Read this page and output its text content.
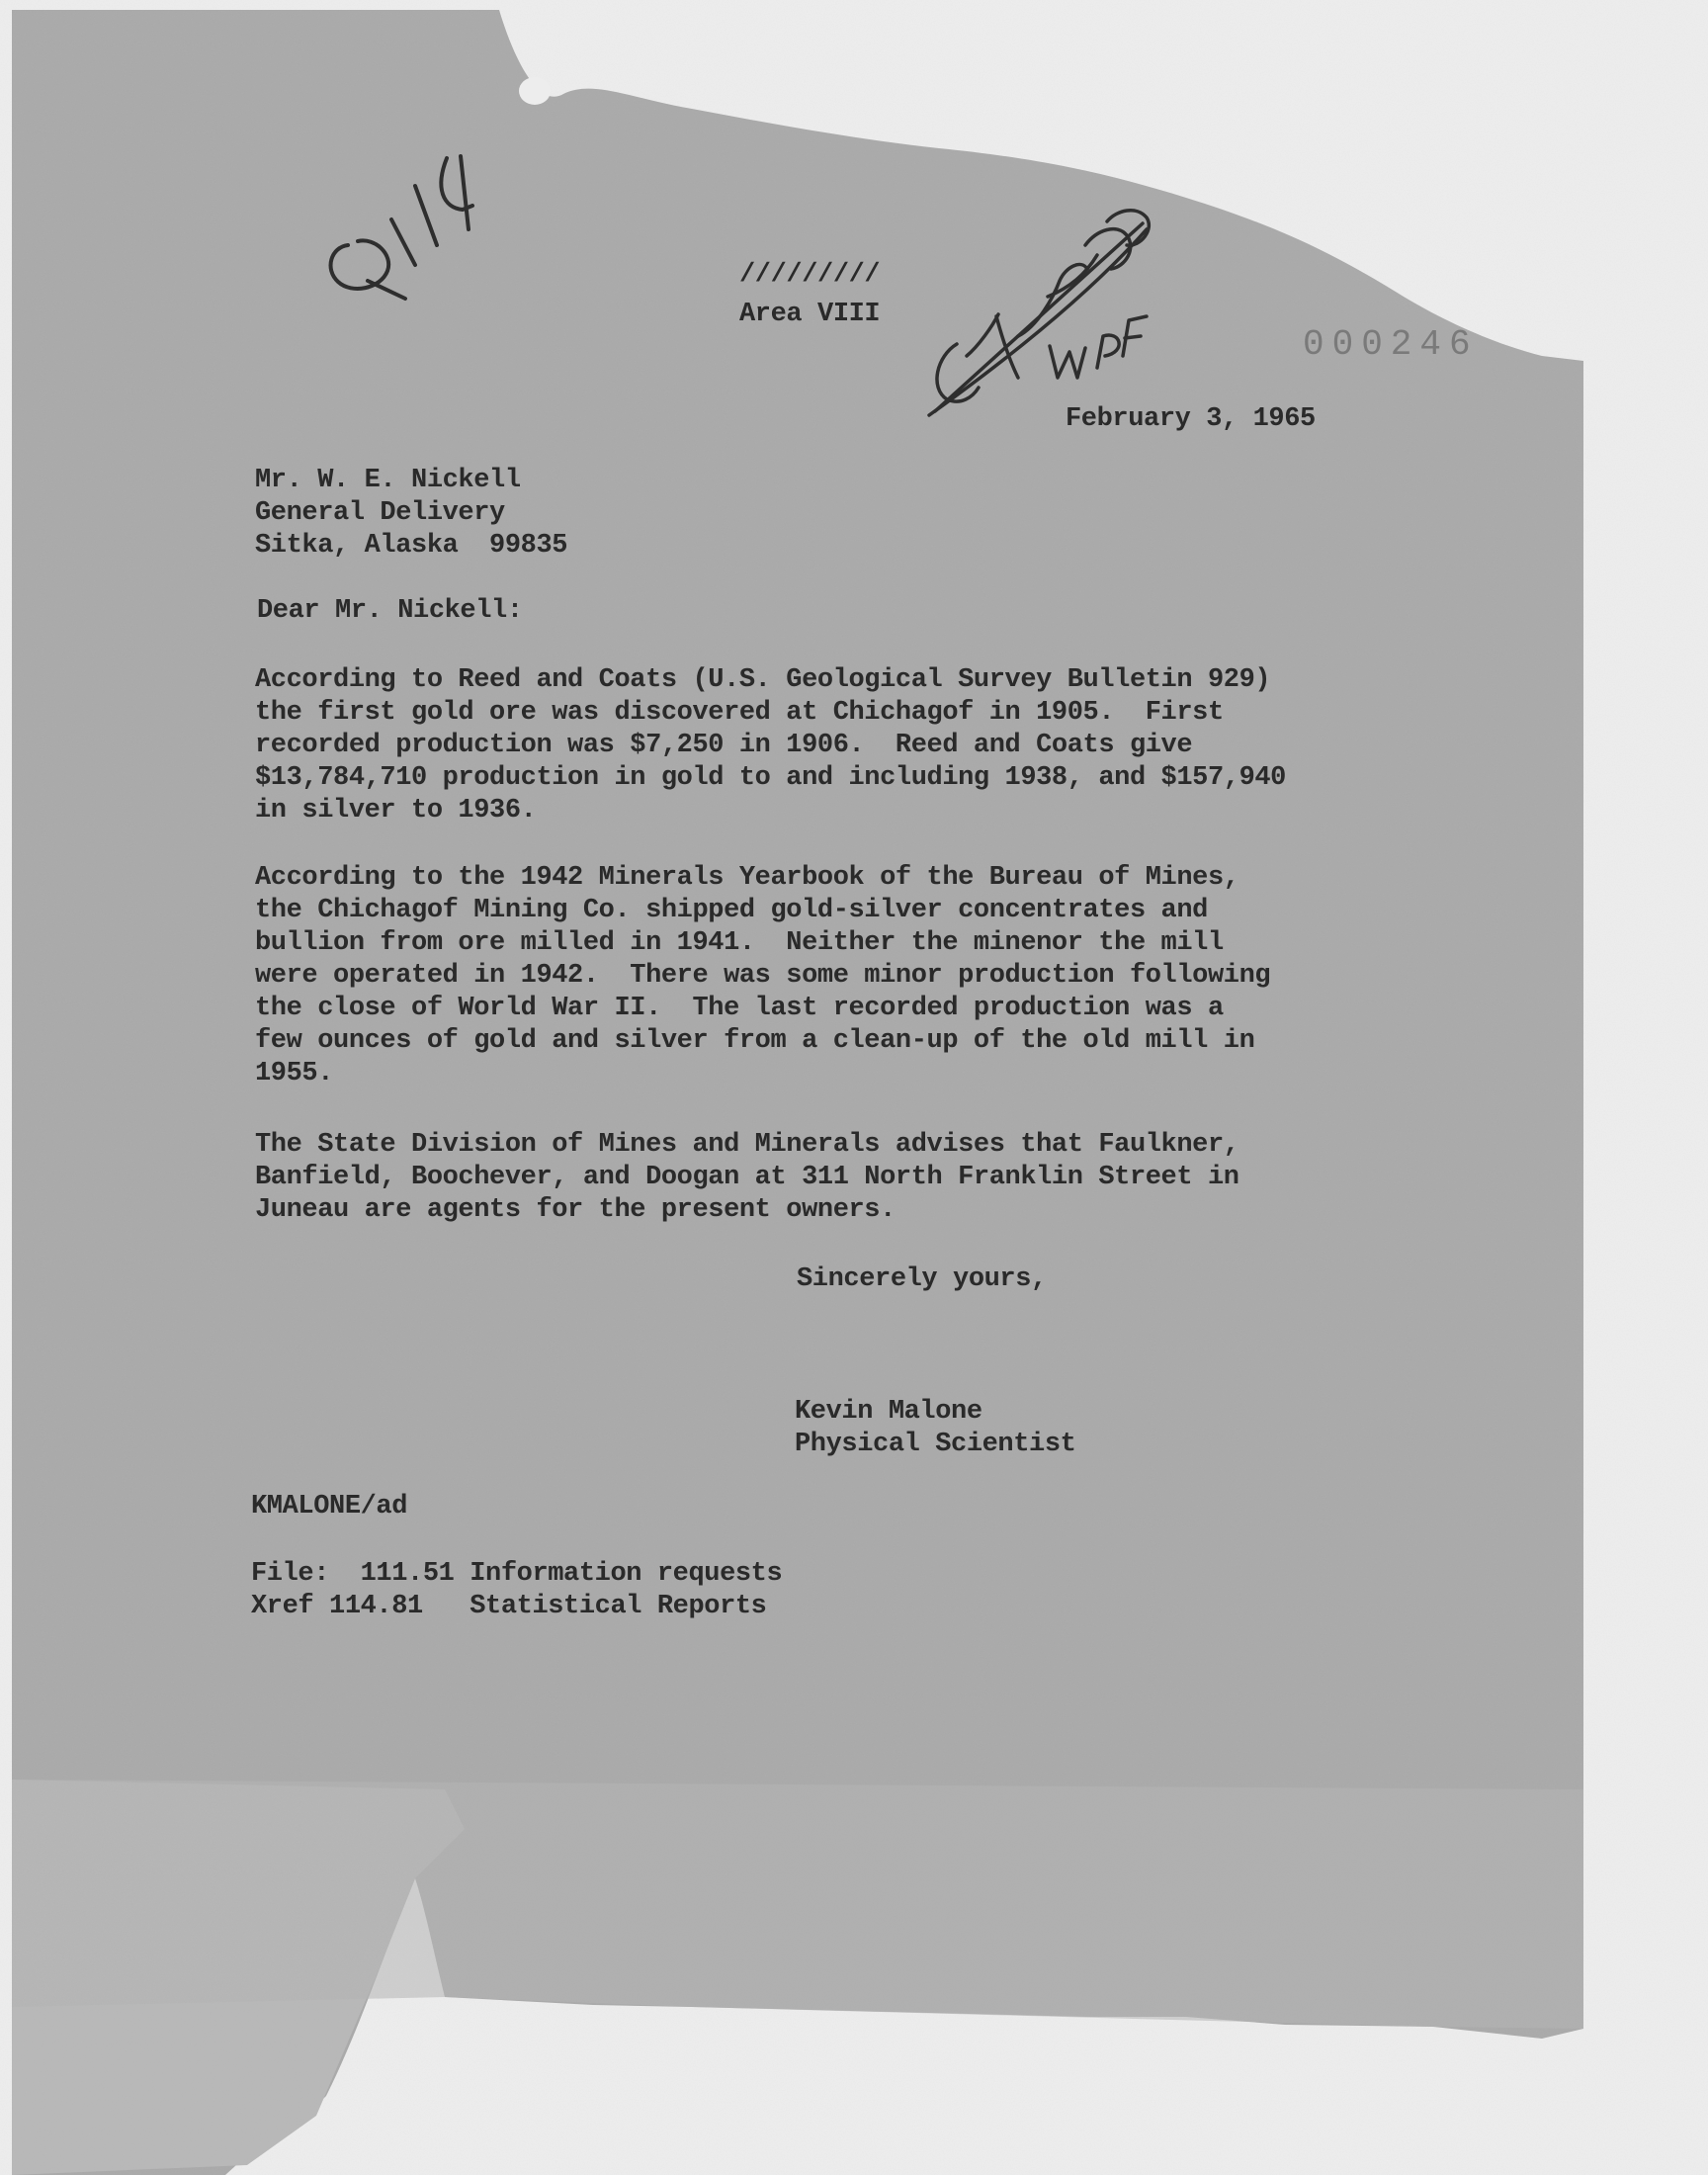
/////////
Area VIII
000246
February 3, 1965
Mr. W. E. Nickell
General Delivery
Sitka, Alaska  99835
Dear Mr. Nickell:
According to Reed and Coats (U.S. Geological Survey Bulletin 929)
the first gold ore was discovered at Chichagof in 1905.  First
recorded production was $7,250 in 1906.  Reed and Coats give
$13,784,710 production in gold to and including 1938, and $157,940
in silver to 1936.
According to the 1942 Minerals Yearbook of the Bureau of Mines,
the Chichagof Mining Co. shipped gold-silver concentrates and
bullion from ore milled in 1941.  Neither the minenor the mill
were operated in 1942.  There was some minor production following
the close of World War II.  The last recorded production was a
few ounces of gold and silver from a clean-up of the old mill in
1955.
The State Division of Mines and Minerals advises that Faulkner,
Banfield, Boochever, and Doogan at 311 North Franklin Street in
Juneau are agents for the present owners.
Sincerely yours,
Kevin Malone
Physical Scientist
KMALONE/ad
File:  111.51 Information requests
Xref 114.81   Statistical Reports
